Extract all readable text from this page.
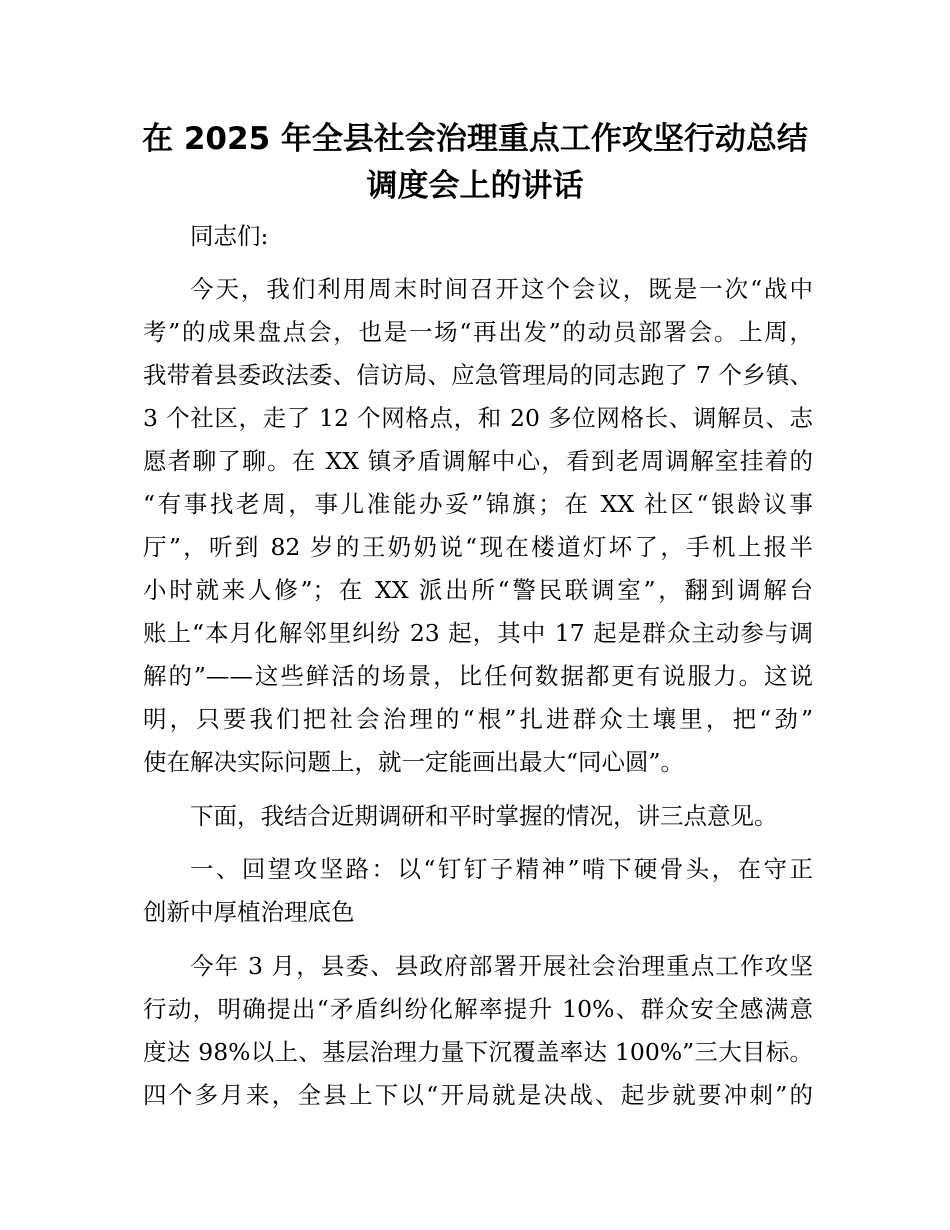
在 2025 年全县社会治理重点工作攻坚行动总结
调度会上的讲话
同志们:
今天，我们利用周末时间召开这个会议，既是一次“战中
考”的成果盘点会，也是一场“再出发”的动员部署会。上周，
我带着县委政法委、信访局、应急管理局的同志跑了 7 个乡镇、
3 个社区，走了 12 个网格点，和 20 多位网格长、调解员、志
愿者聊了聊。在 XX 镇矛盾调解中心，看到老周调解室挂着的
“有事找老周，事儿准能办妥”锦旗；在 XX 社区“银龄议事
厅”，听到 82 岁的王奶奶说“现在楼道灯坏了，手机上报半
小时就来人修”；在 XX 派出所“警民联调室”，翻到调解台
账上“本月化解邻里纠纷 23 起，其中 17 起是群众主动参与调
解的”——这些鲜活的场景，比任何数据都更有说服力。这说
明，只要我们把社会治理的“根”扎进群众土壤里，把“劲”
使在解决实际问题上，就一定能画出最大“同心圆”。
下面，我结合近期调研和平时掌握的情况，讲三点意见。
一、回望攻坚路：以“钉钉子精神”啃下硬骨头，在守正
创新中厚植治理底色
今年 3 月，县委、县政府部署开展社会治理重点工作攻坚
行动，明确提出“矛盾纠纷化解率提升 10%、群众安全感满意
度达 98%以上、基层治理力量下沉覆盖率达 100%”三大目标。
四个多月来，全县上下以“开局就是决战、起步就要冲刺”的
